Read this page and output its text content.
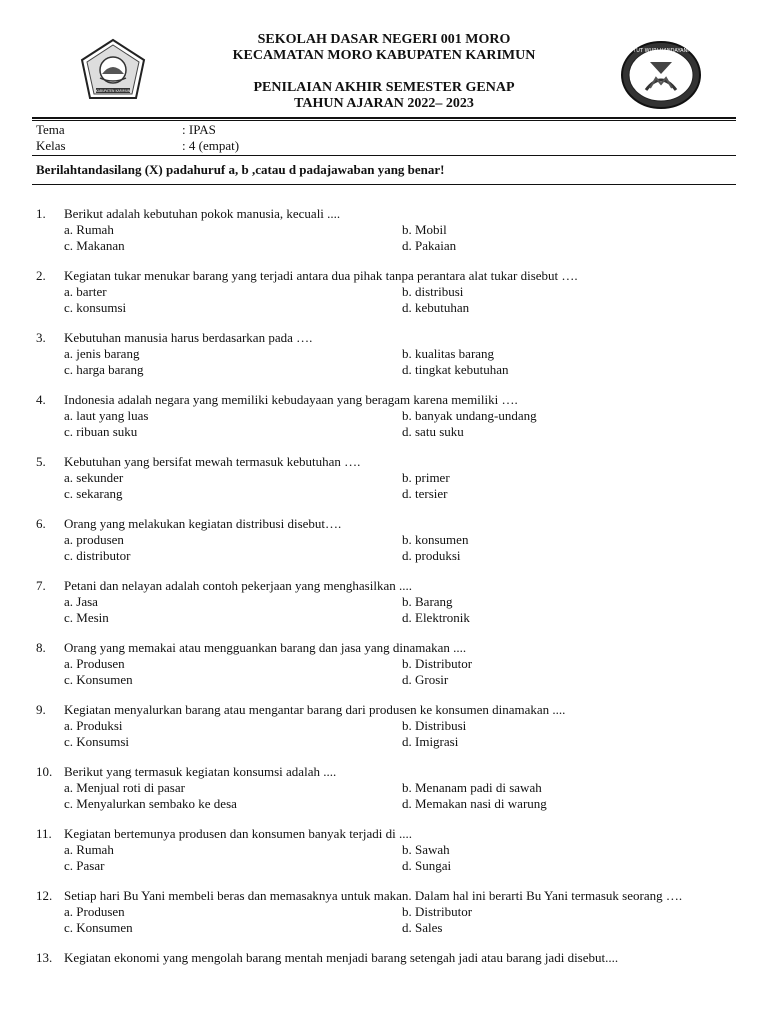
KABUPATEN KARIMUN
TUT WURI HANDAYANI
SEKOLAH DASAR NEGERI 001 MORO
KECAMATAN MORO KABUPATEN KARIMUN
PENILAIAN AKHIR SEMESTER GENAP
TAHUN AJARAN 2022– 2023
Tema	: IPAS
Kelas	: 4 (empat)
Berilahtandasilang (X) padahuruf a, b ,catau d padajawaban yang benar!
1.	Berikut adalah kebutuhan pokok manusia, kecuali ....
a. Rumah	b. Mobil
c. Makanan	d. Pakaian
2.	Kegiatan tukar menukar barang yang terjadi antara dua pihak tanpa perantara alat tukar disebut ….
a. barter	b. distribusi
c. konsumsi	d. kebutuhan
3.	Kebutuhan manusia harus berdasarkan pada ….
a. jenis barang	b. kualitas barang
c. harga barang	d. tingkat kebutuhan
4.	Indonesia adalah negara yang memiliki kebudayaan yang beragam karena memiliki ….
a. laut yang luas	b. banyak undang-undang
c. ribuan suku	d. satu suku
5.	Kebutuhan yang bersifat mewah termasuk kebutuhan ….
a. sekunder	b. primer
c. sekarang	d. tersier
6.	Orang yang melakukan kegiatan distribusi disebut….
a. produsen	b. konsumen
c. distributor	d. produksi
7.	Petani dan nelayan adalah contoh pekerjaan yang menghasilkan ....
a. Jasa	b. Barang
c. Mesin	d. Elektronik
8.	Orang yang memakai atau mengguankan barang dan jasa yang dinamakan ....
a. Produsen	b. Distributor
c. Konsumen	d. Grosir
9.	Kegiatan menyalurkan barang atau mengantar barang dari produsen ke konsumen dinamakan ....
a. Produksi	b. Distribusi
c. Konsumsi	d. Imigrasi
10. Berikut yang termasuk kegiatan konsumsi adalah ....
a. Menjual roti di pasar	b. Menanam padi di sawah
c. Menyalurkan sembako ke desa	d. Memakan nasi di warung
11. Kegiatan bertemunya produsen dan konsumen banyak terjadi di ....
a. Rumah	b. Sawah
c. Pasar	d. Sungai
12. Setiap hari Bu Yani membeli beras dan memasaknya untuk makan. Dalam hal ini berarti Bu Yani termasuk seorang ….
a. Produsen	b. Distributor
c. Konsumen	d. Sales
13. Kegiatan ekonomi yang mengolah barang mentah menjadi barang setengah jadi atau barang jadi disebut....
